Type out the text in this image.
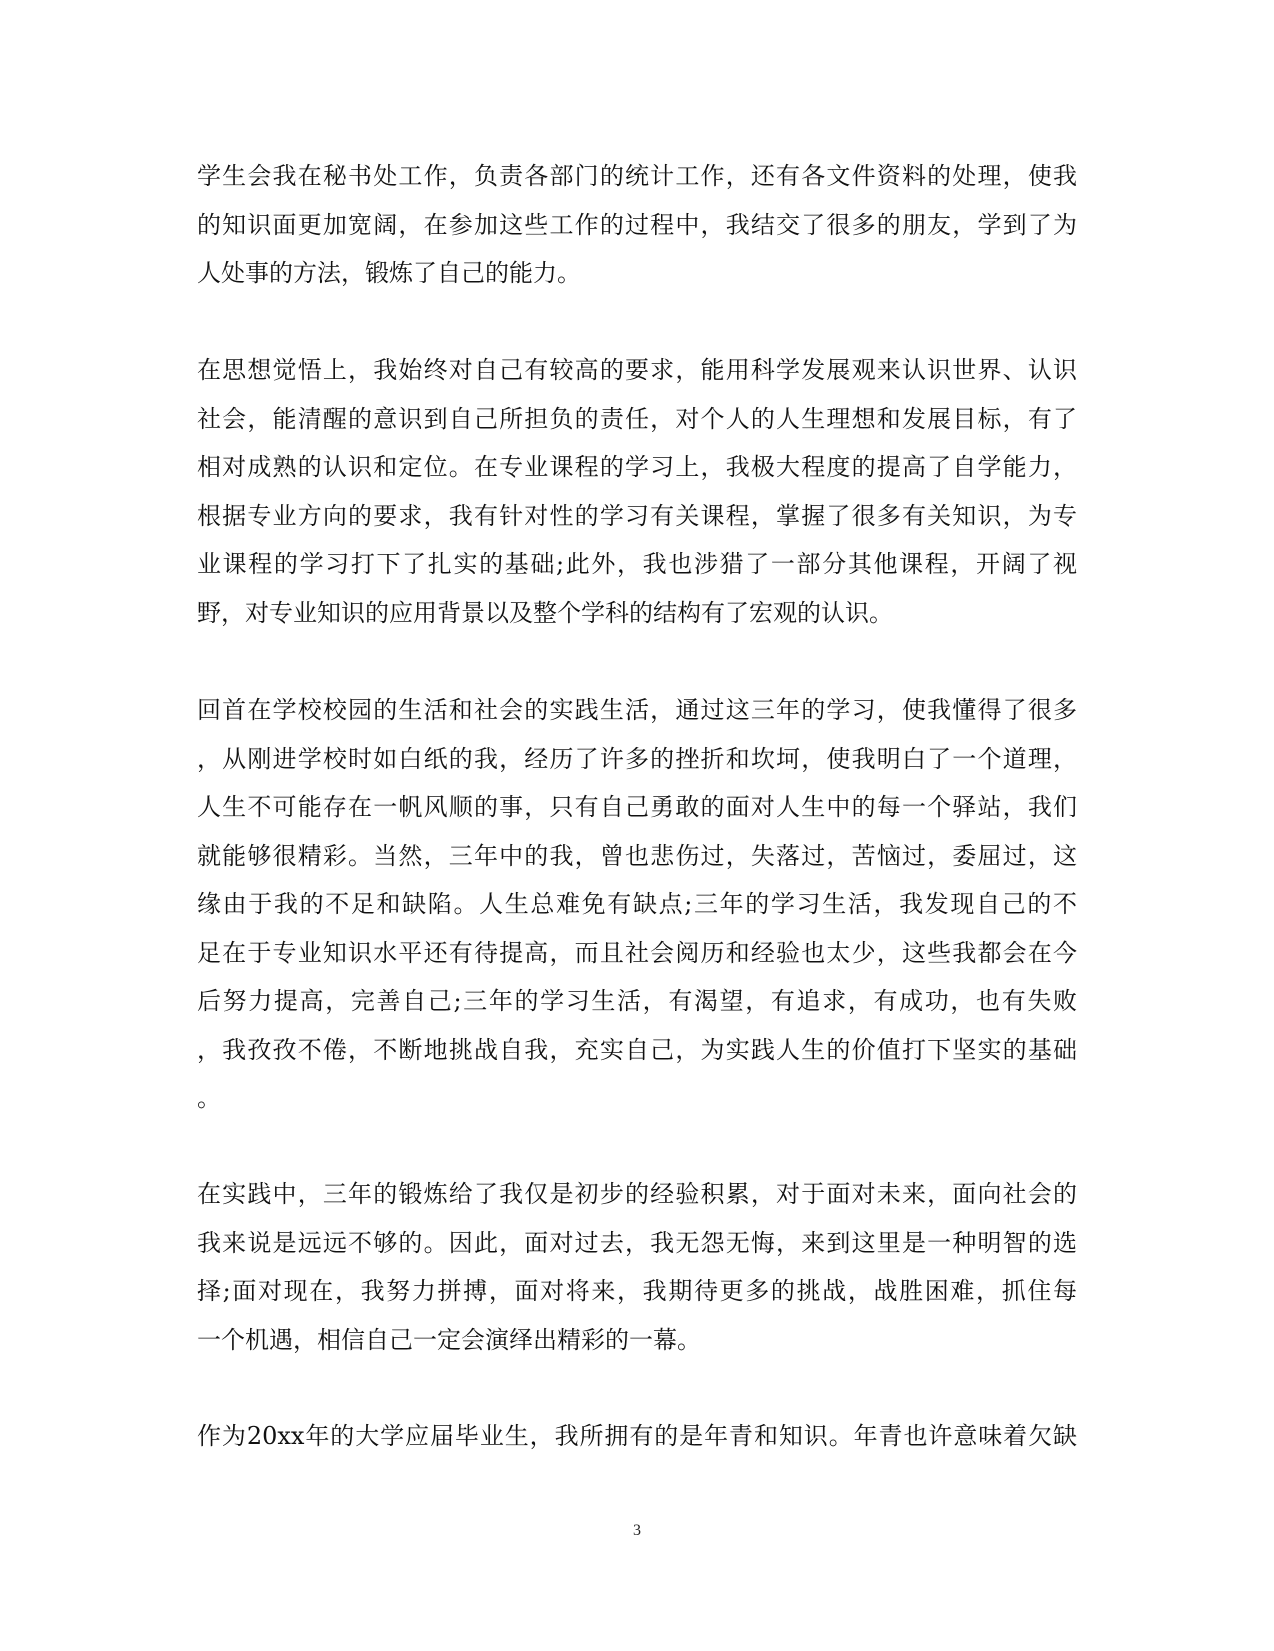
学生会我在秘书处工作，负责各部门的统计工作，还有各文件资料的处理，使我
的知识面更加宽阔，在参加这些工作的过程中，我结交了很多的朋友，学到了为
人处事的方法，锻炼了自己的能力。
在思想觉悟上，我始终对自己有较高的要求，能用科学发展观来认识世界、认识
社会，能清醒的意识到自己所担负的责任，对个人的人生理想和发展目标，有了
相对成熟的认识和定位。在专业课程的学习上，我极大程度的提高了自学能力，
根据专业方向的要求，我有针对性的学习有关课程，掌握了很多有关知识，为专
业课程的学习打下了扎实的基础;此外，我也涉猎了一部分其他课程，开阔了视
野，对专业知识的应用背景以及整个学科的结构有了宏观的认识。
回首在学校校园的生活和社会的实践生活，通过这三年的学习，使我懂得了很多
，从刚进学校时如白纸的我，经历了许多的挫折和坎坷，使我明白了一个道理，
人生不可能存在一帆风顺的事，只有自己勇敢的面对人生中的每一个驿站，我们
就能够很精彩。当然，三年中的我，曾也悲伤过，失落过，苦恼过，委屈过，这
缘由于我的不足和缺陷。人生总难免有缺点;三年的学习生活，我发现自己的不
足在于专业知识水平还有待提高，而且社会阅历和经验也太少，这些我都会在今
后努力提高，完善自己;三年的学习生活，有渴望，有追求，有成功，也有失败
，我孜孜不倦，不断地挑战自我，充实自己，为实践人生的价值打下坚实的基础
。
在实践中，三年的锻炼给了我仅是初步的经验积累，对于面对未来，面向社会的
我来说是远远不够的。因此，面对过去，我无怨无悔，来到这里是一种明智的选
择;面对现在，我努力拼搏，面对将来，我期待更多的挑战，战胜困难，抓住每
一个机遇，相信自己一定会演绎出精彩的一幕。
作为20xx年的大学应届毕业生，我所拥有的是年青和知识。年青也许意味着欠缺
3
